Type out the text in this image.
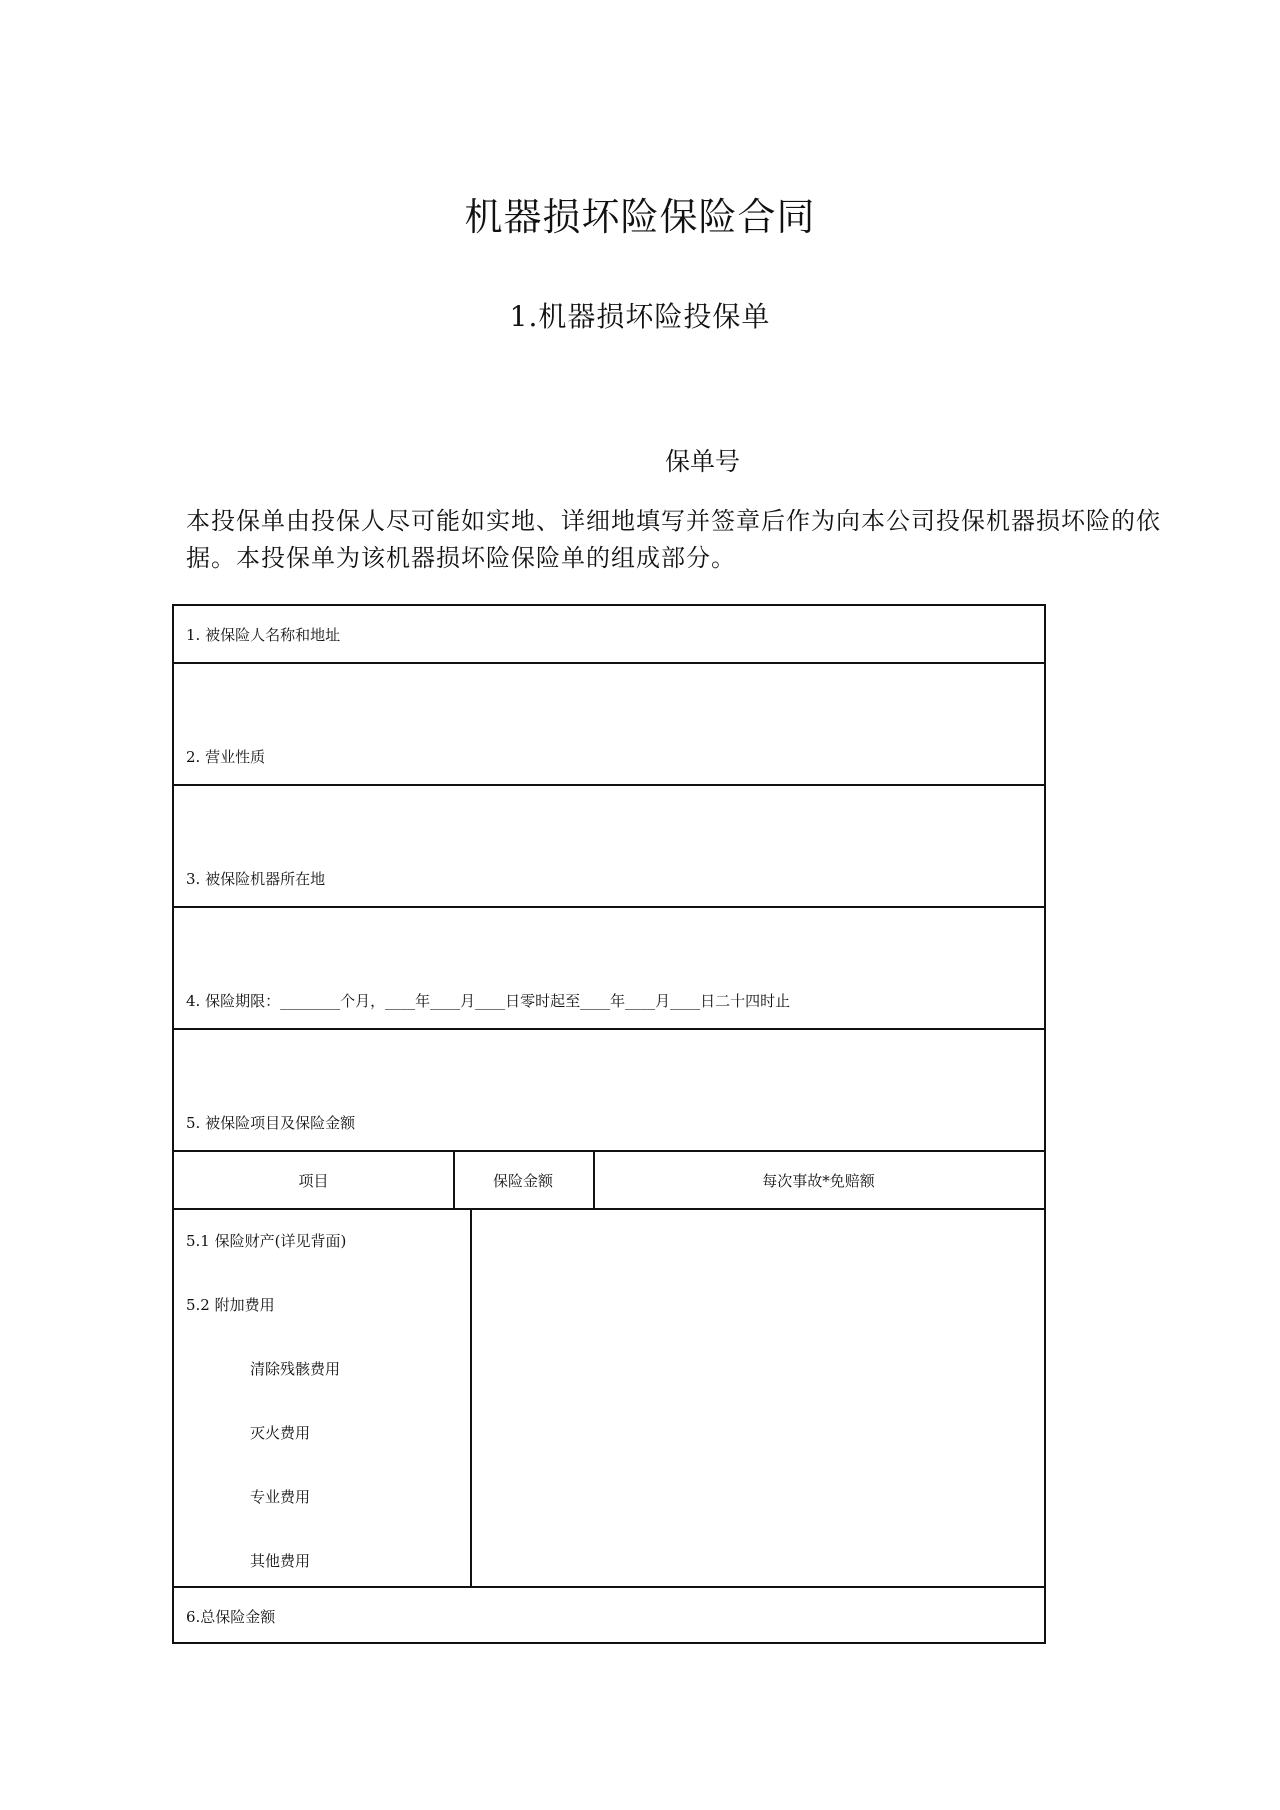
机器损坏险保险合同
1.机器损坏险投保单
保单号
本投保单由投保人尽可能如实地、详细地填写并签章后作为向本公司投保机器损坏险的依据。本投保单为该机器损坏险保险单的组成部分。
1. 被保险人名称和地址
2. 营业性质
3. 被保险机器所在地
4. 保险期限：________个月，____年____月____日零时起至____年____月____日二十四时止
5. 被保险项目及保险金额
项目	保险金额	每次事故*免赔额
5.1 保险财产(详见背面)
5.2 附加费用
清除残骸费用
灭火费用
专业费用
其他费用
6.总保险金额
